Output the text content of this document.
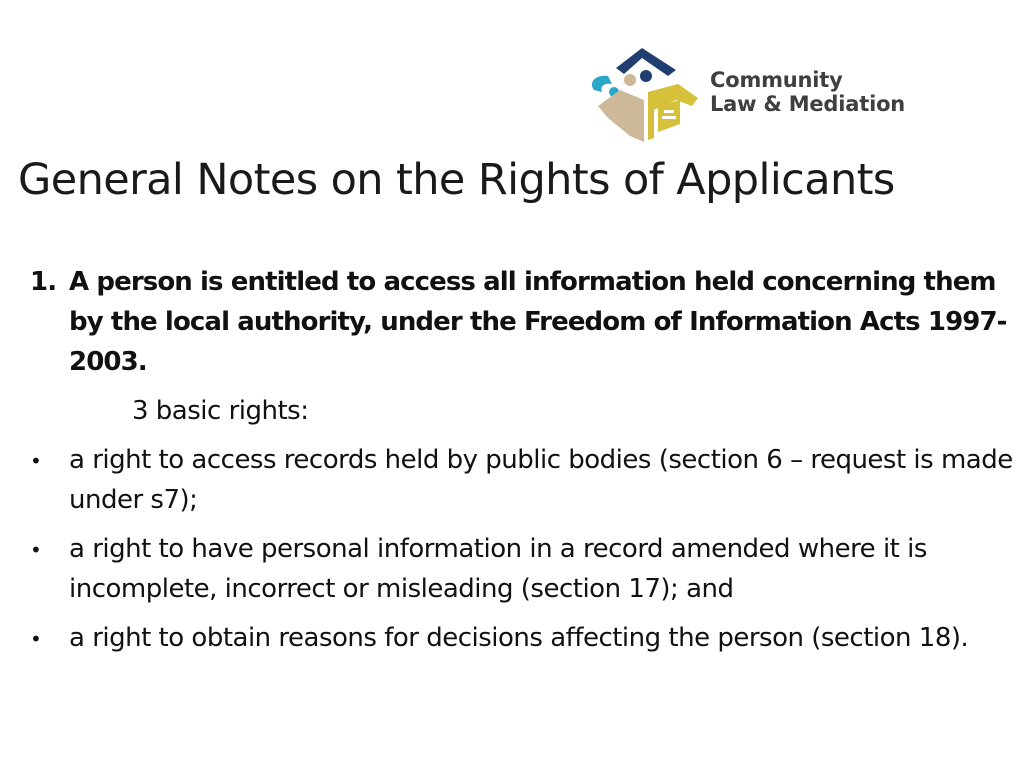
Community
Law & Mediation
General Notes on the Rights of Applicants
1. A person is entitled to access all information held concerning them by the local authority, under the Freedom of Information Acts 1997-2003.
3 basic rights:
• a right to access records held by public bodies (section 6 – request is made under s7);
• a right to have personal information in a record amended where it is incomplete, incorrect or misleading (section 17); and
• a right to obtain reasons for decisions affecting the person (section 18).
